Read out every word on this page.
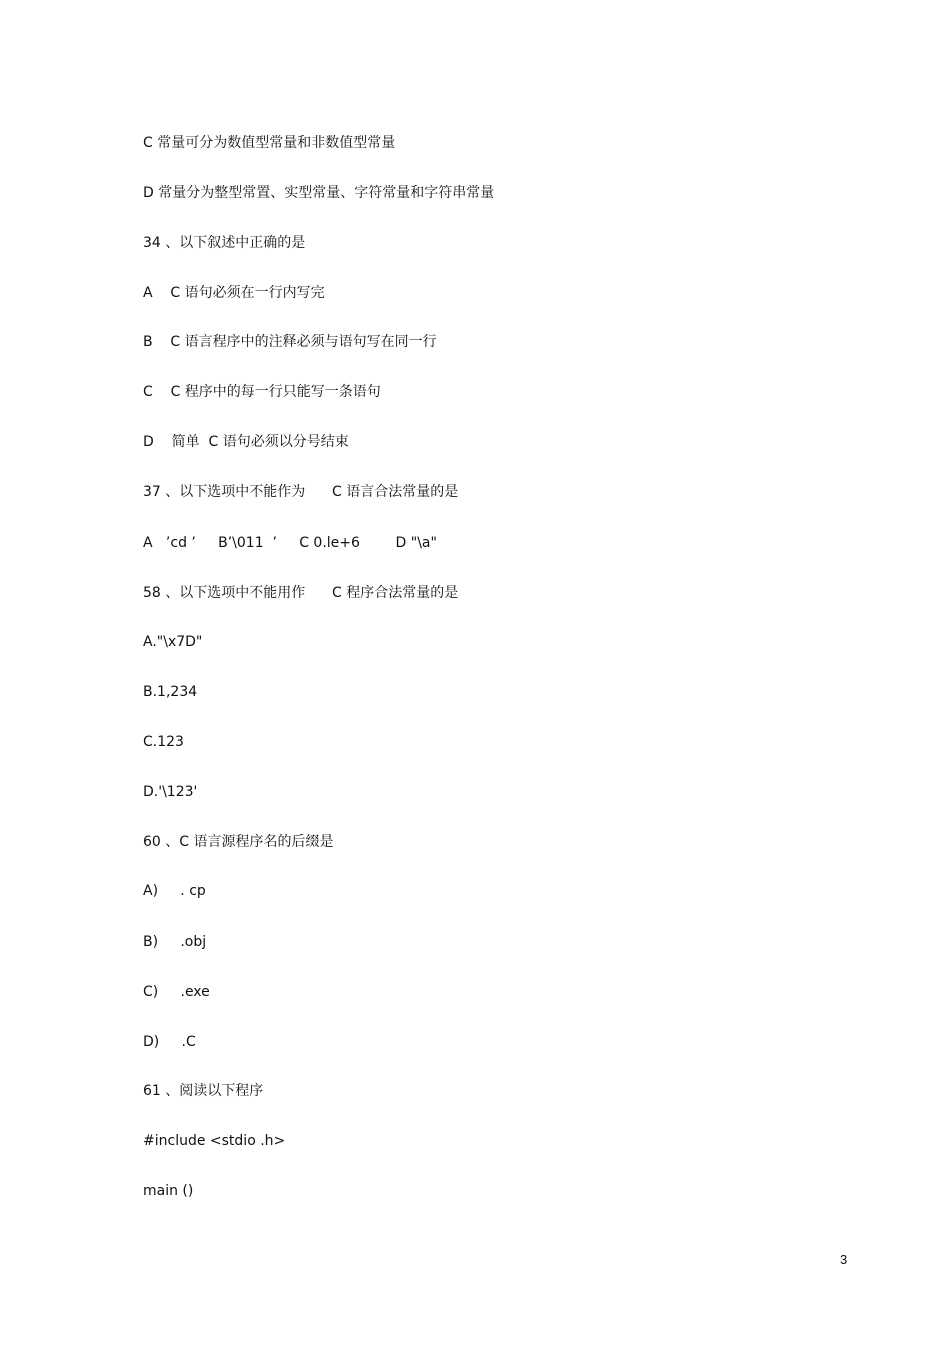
C 常量可分为数值型常量和非数值型常量
D 常量分为整型常置、实型常量、字符常量和字符串常量
34 、以下叙述中正确的是
A    C 语句必须在一行内写完
B    C 语言程序中的注释必须与语句写在同一行
C    C 程序中的每一行只能写一条语句
D    简单  C 语句必须以分号结束
37 、以下选项中不能作为      C 语言合法常量的是
A   ’cd ’     B’\011  ’     C 0.le+6        D "\a"
58 、以下选项中不能用作      C 程序合法常量的是
A."\x7D"
B.1,234
C.123
D.'\123'
60 、C 语言源程序名的后缀是
A)     . cp
B)     .obj
C)     .exe
D)     .C
61 、阅读以下程序
#include <stdio .h>
main ()
3
